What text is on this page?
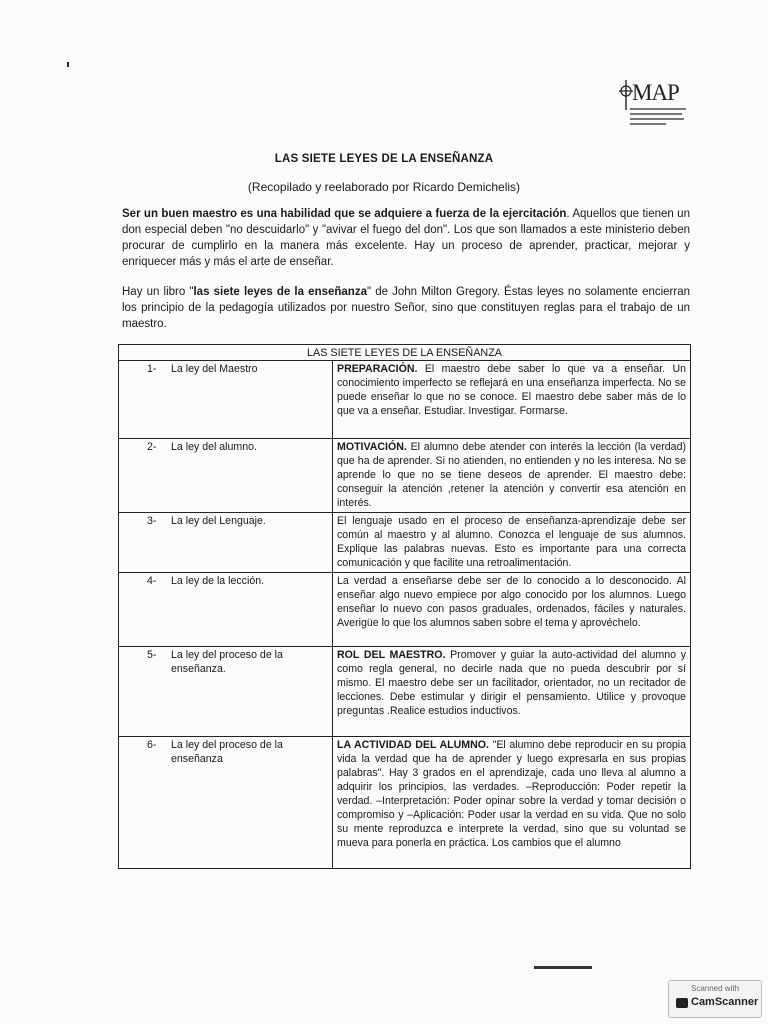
MAP
LAS SIETE LEYES DE LA ENSEÑANZA
(Recopilado y reelaborado por Ricardo Demichelis)
Ser un buen maestro es una habilidad que se adquiere a fuerza de la ejercitación. Aquellos que tienen un don especial deben "no descuidarlo" y "avivar el fuego del don". Los que son llamados a este ministerio deben procurar de cumplirlo en la manera más excelente. Hay un proceso de aprender, practicar, mejorar y enriquecer más y más el arte de enseñar.
Hay un libro "las siete leyes de la enseñanza" de John Milton Gregory. Éstas leyes no solamente encierran los principio de la pedagogía utilizados por nuestro Señor, sino que constituyen reglas para el trabajo de un maestro.
LAS SIETE LEYES DE LA ENSEÑANZA	

1- La ley del Maestro	PREPARACIÓN. El maestro debe saber lo que va a enseñar. Un conocimiento imperfecto se reflejará en una enseñanza imperfecta. No se puede enseñar lo que no se conoce. El maestro debe saber más de lo que va a enseñar. Estudiar. Investigar. Formarse.

2- La ley del alumno.	MOTIVACIÓN. El alumno debe atender con interés la lección (la verdad) que ha de aprender. Si no atienden, no entienden y no les interesa. No se aprende lo que no se tiene deseos de aprender. El maestro debe: conseguir la atención ,retener la atención y convertir esa atención en interés.

3- La ley del Lenguaje.	El lenguaje usado en el proceso de enseñanza-aprendizaje debe ser común al maestro y al alumno. Conozca el lenguaje de sus alumnos. Explique las palabras nuevas. Esto es importante para una correcta comunicación y que facilite una retroalimentación.

4- La ley de la lección.	La verdad a enseñarse debe ser de lo conocido a lo desconocido. Al enseñar algo nuevo empiece por algo conocido por los alumnos. Luego enseñar lo nuevo con pasos graduales, ordenados, fáciles y naturales. Averigüe lo que los alumnos saben sobre el tema y aprovéchelo.

5- La ley del proceso de la enseñanza.	ROL DEL MAESTRO. Promover y guiar la auto-actividad del alumno y como regla general, no decirle nada que no pueda descubrir por sí mismo. El maestro debe ser un facilitador, orientador, no un recitador de lecciones. Debe estimular y dirigir el pensamiento. Utilice y provoque preguntas .Realice estudios inductivos.

6- La ley del proceso de la enseñanza	LA ACTIVIDAD DEL ALUMNO. "El alumno debe reproducir en su propia vida la verdad que ha de aprender y luego expresarla en sus propias palabras". Hay 3 grados en el aprendizaje, cada uno lleva al alumno a adquirir los principios, las verdades. –Reproducción: Poder repetir la verdad. –Interpretación: Poder opinar sobre la verdad y tomar decisión o compromiso y –Aplicación: Poder usar la verdad en su vida. Que no solo su mente reproduzca e interprete la verdad, sino que su voluntad se mueva para ponerla en práctica. Los cambios que el alumno
Scanned with
CamScanner
